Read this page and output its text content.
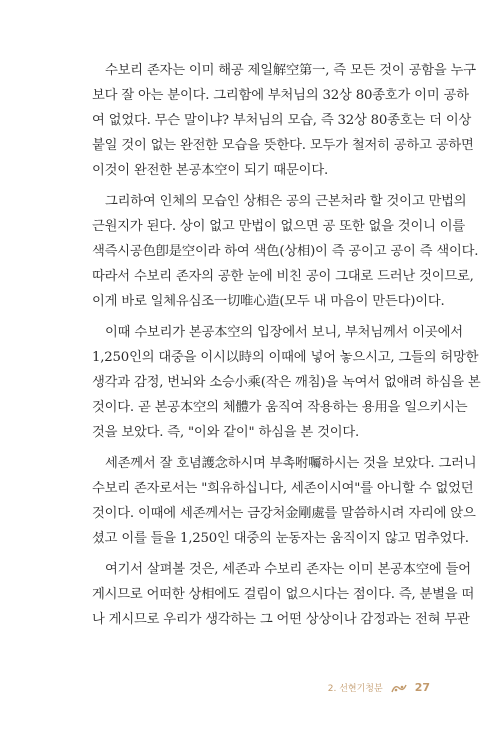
수보리 존자는 이미 해공 제일解空第一, 즉 모든 것이 공함을 누구
보다 잘 아는 분이다. 그리함에 부처님의 32상 80종호가 이미 공하
여 없었다. 무슨 말이냐? 부처님의 모습, 즉 32상 80종호는 더 이상
붙일 것이 없는 완전한 모습을 뜻한다. 모두가 철저히 공하고 공하면
이것이 완전한 본공本空이 되기 때문이다.
그리하여 인체의 모습인 상相은 공의 근본처라 할 것이고 만법의
근원지가 된다. 상이 없고 만법이 없으면 공 또한 없을 것이니 이를
색즉시공色卽是空이라 하여 색色(상相)이 즉 공이고 공이 즉 색이다.
따라서 수보리 존자의 공한 눈에 비친 공이 그대로 드러난 것이므로,
이게 바로 일체유심조一切唯心造(모두 내 마음이 만든다)이다.
이때 수보리가 본공本空의 입장에서 보니, 부처님께서 이곳에서
1,250인의 대중을 이시以時의 이때에 넣어 놓으시고, 그들의 허망한
생각과 감정, 번뇌와 소승小乘(작은 깨침)을 녹여서 없애려 하심을 본
것이다. 곧 본공本空의 체體가 움직여 작용하는 용用을 일으키시는
것을 보았다. 즉, "이와 같이" 하심을 본 것이다.
세존께서 잘 호념護念하시며 부촉咐囑하시는 것을 보았다. 그러니
수보리 존자로서는 "희유하십니다, 세존이시여"를 아니할 수 없었던
것이다. 이때에 세존께서는 금강처金剛處를 말씀하시려 자리에 앉으
셨고 이를 들을 1,250인 대중의 눈동자는 움직이지 않고 멈추었다.
여기서 살펴볼 것은, 세존과 수보리 존자는 이미 본공本空에 들어
게시므로 어떠한 상相에도 걸림이 없으시다는 점이다. 즉, 분별을 떠
나 게시므로 우리가 생각하는 그 어떤 상상이나 감정과는 전혀 무관
2. 선현기청분	27
